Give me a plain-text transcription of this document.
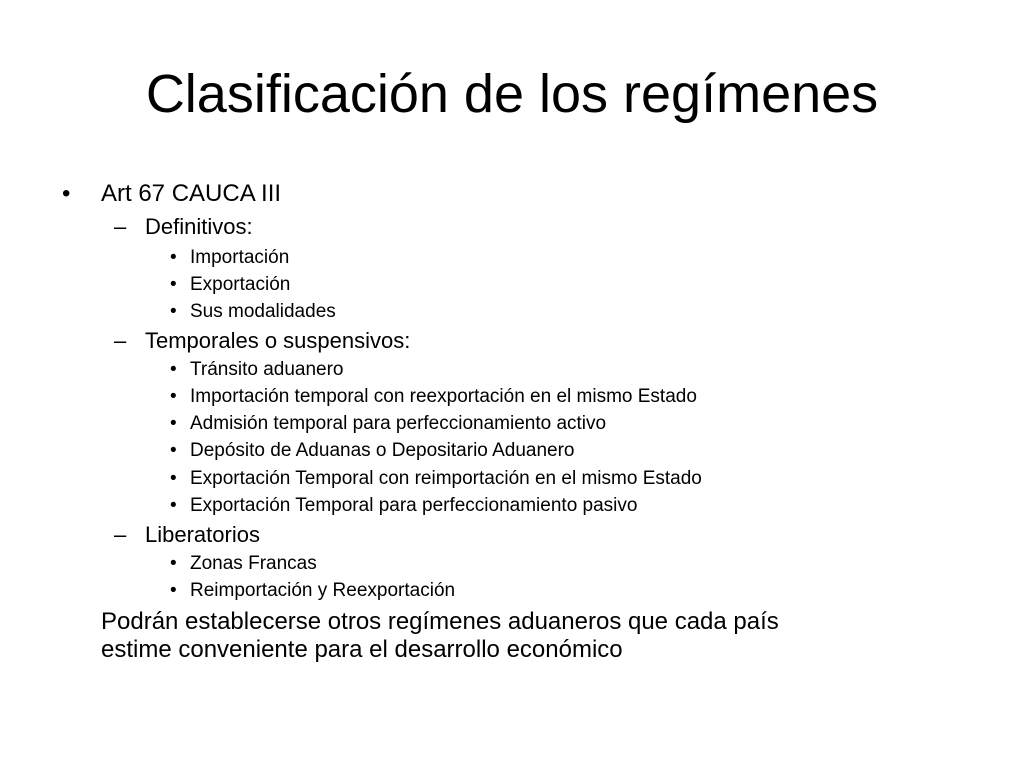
Clasificación de los regímenes
• Art 67 CAUCA III
– Definitivos:
• Importación
• Exportación
• Sus modalidades
– Temporales o suspensivos:
• Tránsito aduanero
• Importación temporal con reexportación en el mismo Estado
• Admisión temporal para perfeccionamiento activo
• Depósito de Aduanas o Depositario Aduanero
• Exportación Temporal con reimportación en el mismo Estado
• Exportación Temporal para perfeccionamiento pasivo
– Liberatorios
• Zonas Francas
• Reimportación y Reexportación
Podrán establecerse otros regímenes aduaneros que cada país
estime conveniente para el desarrollo económico
